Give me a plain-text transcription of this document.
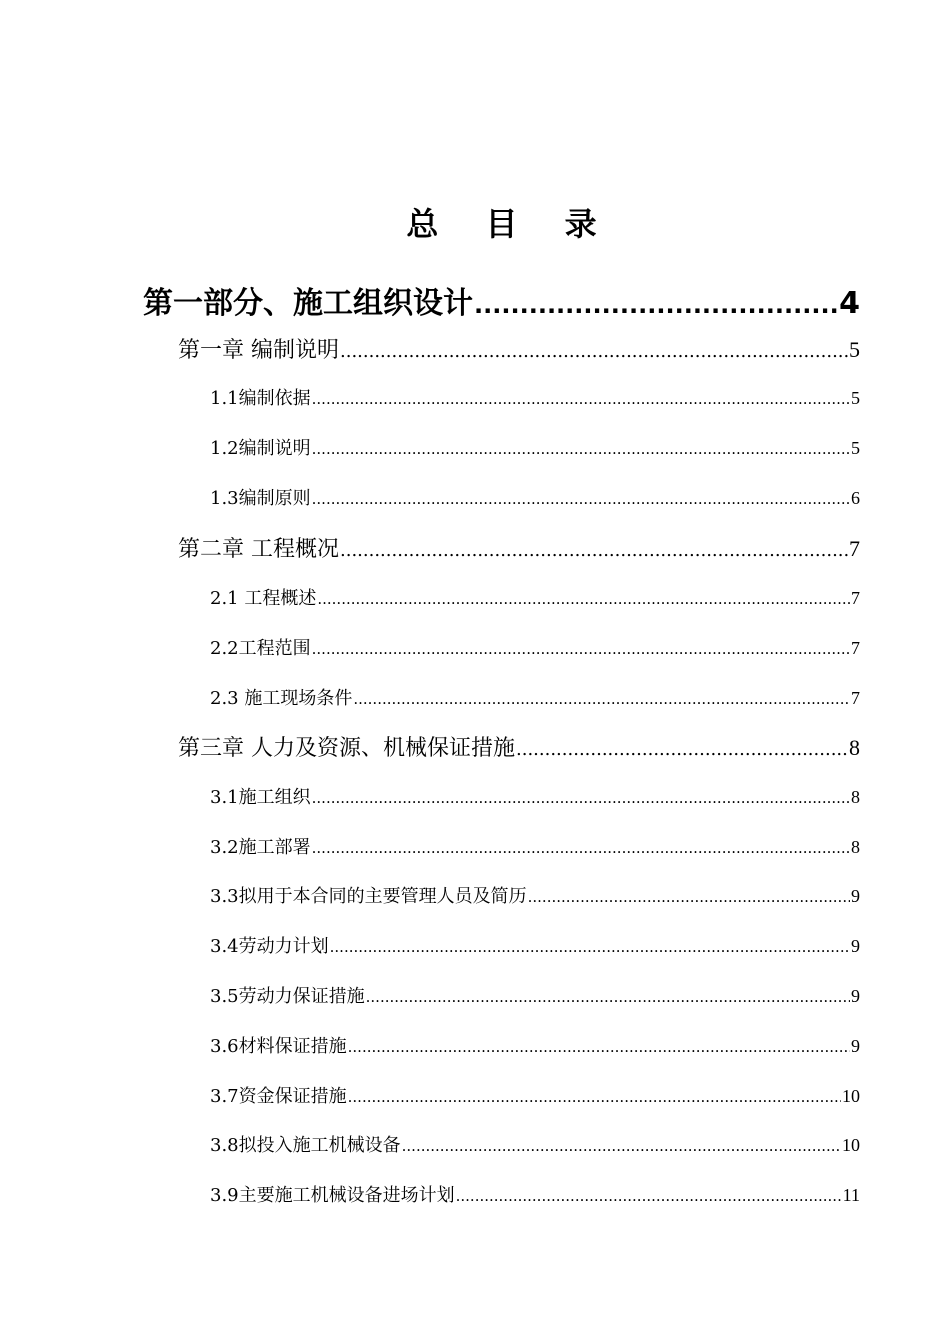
总 目 录
第一部分、施工组织设计 .....	4
第一章 编制说明 .....	5
1.1编制依据 .....	5
1.2编制说明 .....	5
1.3编制原则 .....	6
第二章 工程概况 .....	7
2.1 工程概述 .....	7
2.2工程范围 .....	7
2.3 施工现场条件 .....	7
第三章 人力及资源、机械保证措施 .....	8
3.1施工组织 .....	8
3.2施工部署 .....	8
3.3拟用于本合同的主要管理人员及简历 .....	9
3.4劳动力计划 .....	9
3.5劳动力保证措施 .....	9
3.6材料保证措施 .....	9
3.7资金保证措施 .....	10
3.8拟投入施工机械设备 .....	10
3.9主要施工机械设备进场计划 .....	11
